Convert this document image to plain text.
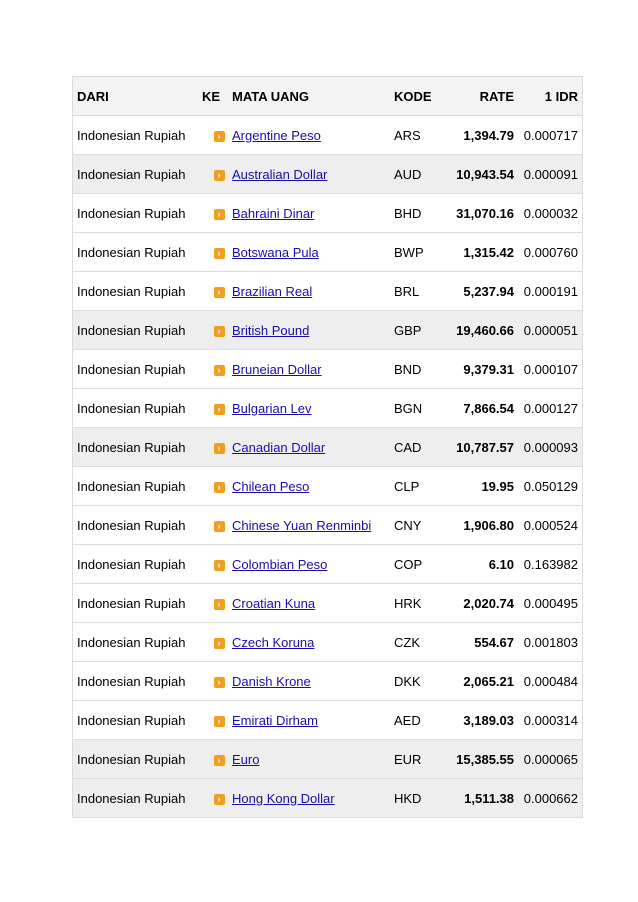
DARI	KE	MATA UANG	KODE	RATE	1 IDR
Indonesian Rupiah	›	Argentine Peso	ARS	1,394.79	0.000717
Indonesian Rupiah	›	Australian Dollar	AUD	10,943.54	0.000091
Indonesian Rupiah	›	Bahraini Dinar	BHD	31,070.16	0.000032
Indonesian Rupiah	›	Botswana Pula	BWP	1,315.42	0.000760
Indonesian Rupiah	›	Brazilian Real	BRL	5,237.94	0.000191
Indonesian Rupiah	›	British Pound	GBP	19,460.66	0.000051
Indonesian Rupiah	›	Bruneian Dollar	BND	9,379.31	0.000107
Indonesian Rupiah	›	Bulgarian Lev	BGN	7,866.54	0.000127
Indonesian Rupiah	›	Canadian Dollar	CAD	10,787.57	0.000093
Indonesian Rupiah	›	Chilean Peso	CLP	19.95	0.050129
Indonesian Rupiah	›	Chinese Yuan Renminbi	CNY	1,906.80	0.000524
Indonesian Rupiah	›	Colombian Peso	COP	6.10	0.163982
Indonesian Rupiah	›	Croatian Kuna	HRK	2,020.74	0.000495
Indonesian Rupiah	›	Czech Koruna	CZK	554.67	0.001803
Indonesian Rupiah	›	Danish Krone	DKK	2,065.21	0.000484
Indonesian Rupiah	›	Emirati Dirham	AED	3,189.03	0.000314
Indonesian Rupiah	›	Euro	EUR	15,385.55	0.000065
Indonesian Rupiah	›	Hong Kong Dollar	HKD	1,511.38	0.000662
